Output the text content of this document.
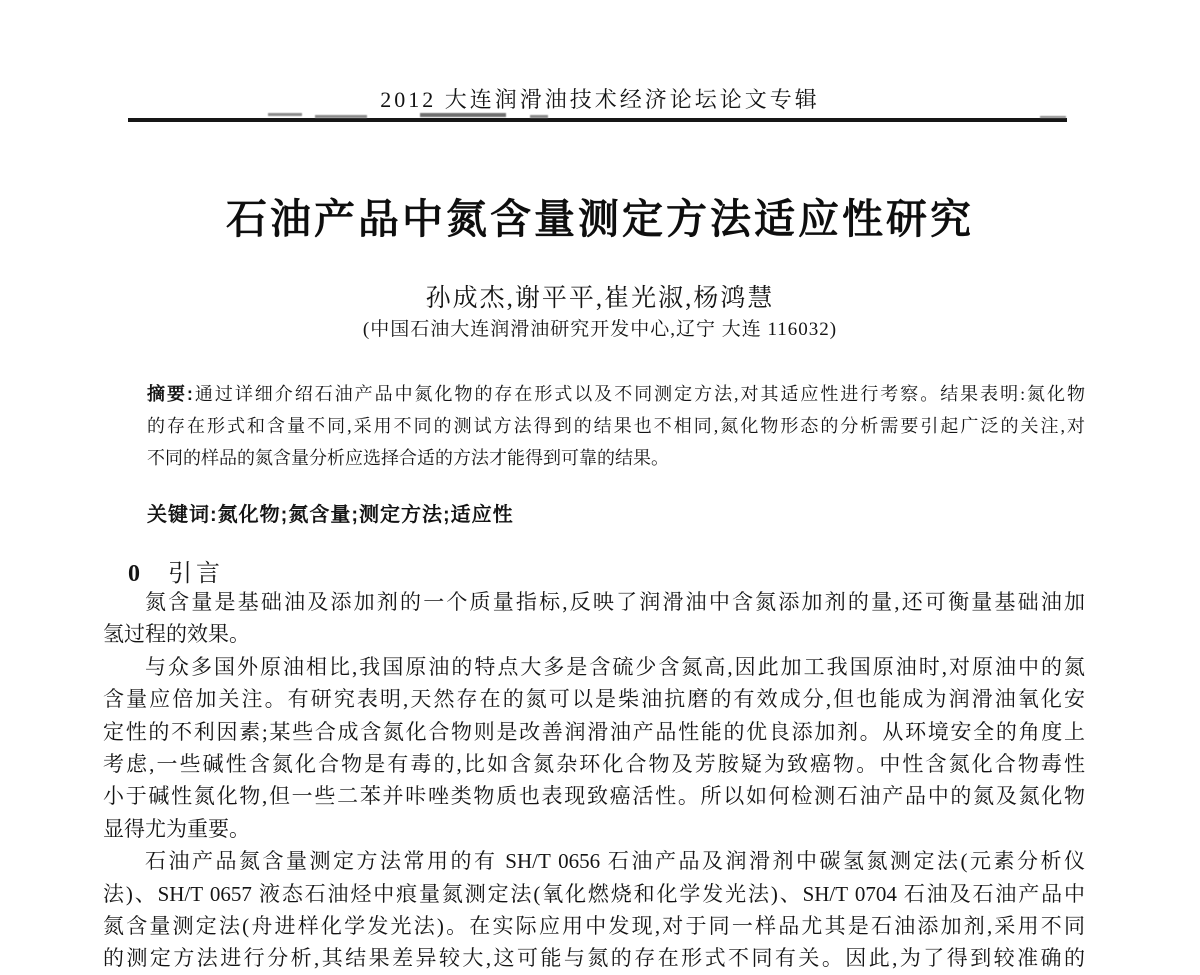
2012 大连润滑油技术经济论坛论文专辑
石油产品中氮含量测定方法适应性研究
孙成杰,谢平平,崔光淑,杨鸿慧
(中国石油大连润滑油研究开发中心,辽宁 大连 116032)
摘要:通过详细介绍石油产品中氮化物的存在形式以及不同测定方法,对其适应性进行考察。结果表明:氮化物
的存在形式和含量不同,采用不同的测试方法得到的结果也不相同,氮化物形态的分析需要引起广泛的关注,对
不同的样品的氮含量分析应选择合适的方法才能得到可靠的结果。
关键词:氮化物;氮含量;测定方法;适应性
0 引言
氮含量是基础油及添加剂的一个质量指标,反映了润滑油中含氮添加剂的量,还可衡量基础油加
氢过程的效果。
与众多国外原油相比,我国原油的特点大多是含硫少含氮高,因此加工我国原油时,对原油中的氮
含量应倍加关注。有研究表明,天然存在的氮可以是柴油抗磨的有效成分,但也能成为润滑油氧化安
定性的不利因素;某些合成含氮化合物则是改善润滑油产品性能的优良添加剂。从环境安全的角度上
考虑,一些碱性含氮化合物是有毒的,比如含氮杂环化合物及芳胺疑为致癌物。中性含氮化合物毒性
小于碱性氮化物,但一些二苯并咔唑类物质也表现致癌活性。所以如何检测石油产品中的氮及氮化物
显得尤为重要。
石油产品氮含量测定方法常用的有 SH/T 0656 石油产品及润滑剂中碳氢氮测定法(元素分析仪
法)、SH/T 0657 液态石油烃中痕量氮测定法(氧化燃烧和化学发光法)、SH/T 0704 石油及石油产品中
氮含量测定法(舟进样化学发光法)。在实际应用中发现,对于同一样品尤其是石油添加剂,采用不同
的测定方法进行分析,其结果差异较大,这可能与氮的存在形式不同有关。因此,为了得到较准确的
